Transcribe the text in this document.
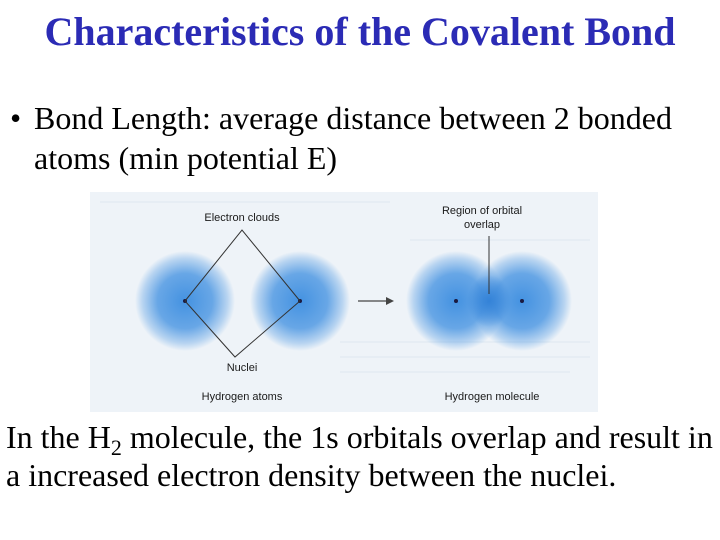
Characteristics of the Covalent Bond
• Bond Length: average distance between 2 bonded atoms (min potential E)
Electron clouds
Region of orbital
overlap
Nuclei
Hydrogen atoms	Hydrogen molecule
In the $H_2$ molecule, the 1s orbitals overlap and result in a increased electron density between the nuclei.
